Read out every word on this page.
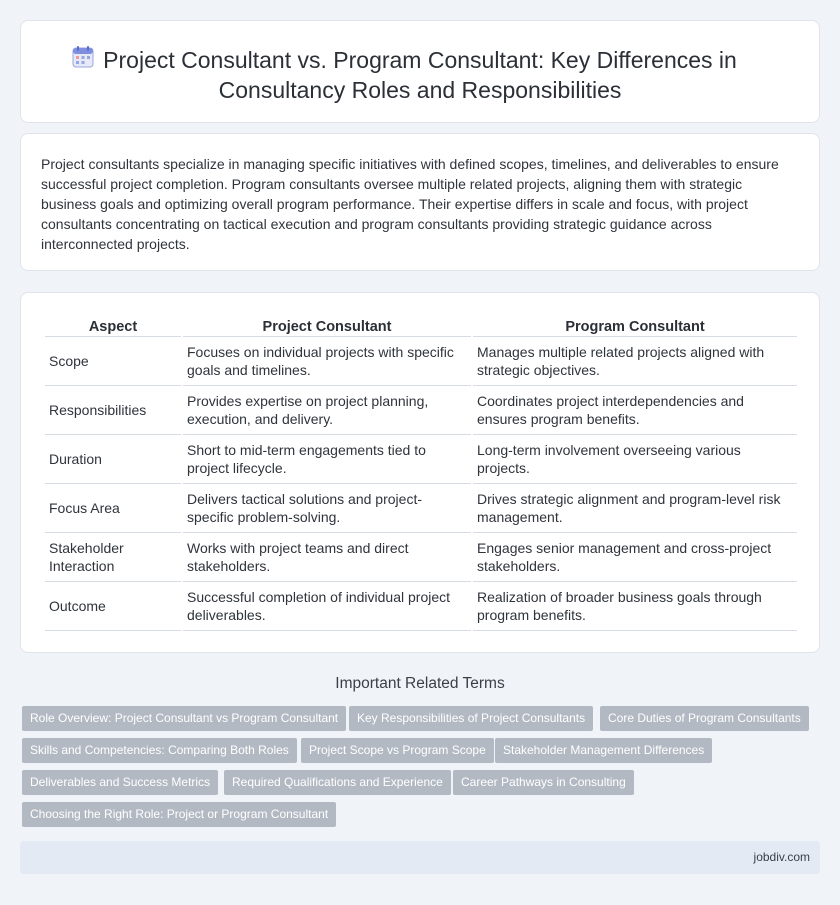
Project Consultant vs. Program Consultant: Key Differences in Consultancy Roles and Responsibilities

Project consultants specialize in managing specific initiatives with defined scopes, timelines, and deliverables to ensure successful project completion. Program consultants oversee multiple related projects, aligning them with strategic business goals and optimizing overall program performance. Their expertise differs in scale and focus, with project consultants concentrating on tactical execution and program consultants providing strategic guidance across interconnected projects.

Aspect	Project Consultant	Program Consultant
Scope	Focuses on individual projects with specific goals and timelines.	Manages multiple related projects aligned with strategic objectives.
Responsibilities	Provides expertise on project planning, execution, and delivery.	Coordinates project interdependencies and ensures program benefits.
Duration	Short to mid-term engagements tied to project lifecycle.	Long-term involvement overseeing various projects.
Focus Area	Delivers tactical solutions and project-specific problem-solving.	Drives strategic alignment and program-level risk management.
Stakeholder Interaction	Works with project teams and direct stakeholders.	Engages senior management and cross-project stakeholders.
Outcome	Successful completion of individual project deliverables.	Realization of broader business goals through program benefits.
Important Related Terms
Role Overview: Project Consultant vs Program Consultant	Key Responsibilities of Project Consultants	Core Duties of Program Consultants
Skills and Competencies: Comparing Both Roles	Project Scope vs Program Scope	Stakeholder Management Differences
Deliverables and Success Metrics	Required Qualifications and Experience	Career Pathways in Consulting
Choosing the Right Role: Project or Program Consultant
jobdiv.com
